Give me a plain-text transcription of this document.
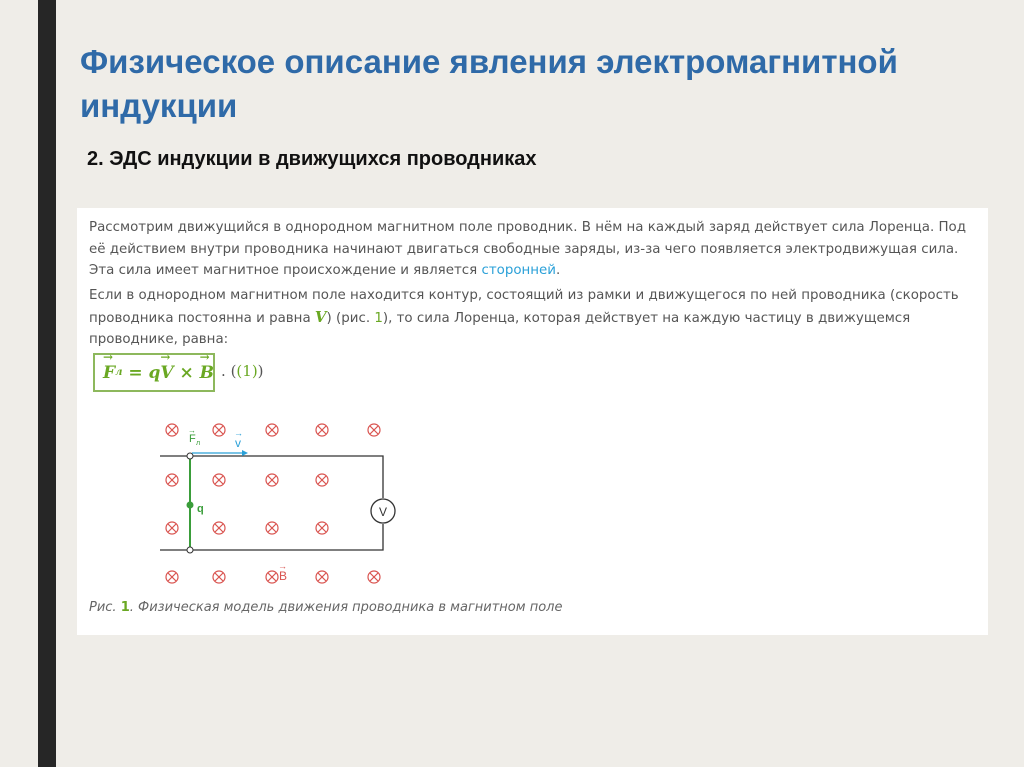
Физическое описание явления электромагнитной индукции
2. ЭДС индукции в движущихся проводниках

Рассмотрим движущийся в однородном магнитном поле проводник. В нём на каждый заряд действует сила Лоренца. Под её действием внутри проводника начинают двигаться свободные заряды, из-за чего появляется электродвижущая сила. Эта сила имеет магнитное происхождение и является сторонней.

Если в однородном магнитном поле находится контур, состоящий из рамки и движущегося по ней проводника (скорость проводника постоянна и равна V) (рис. 1), то сила Лоренца, которая действует на каждую частицу в движущемся проводнике, равна:

→
F л = q
→
V ×
→
B . ((1))
V
q
v
→
F л
→
B
→
Рис. 1. Физическая модель движения проводника в магнитном поле
